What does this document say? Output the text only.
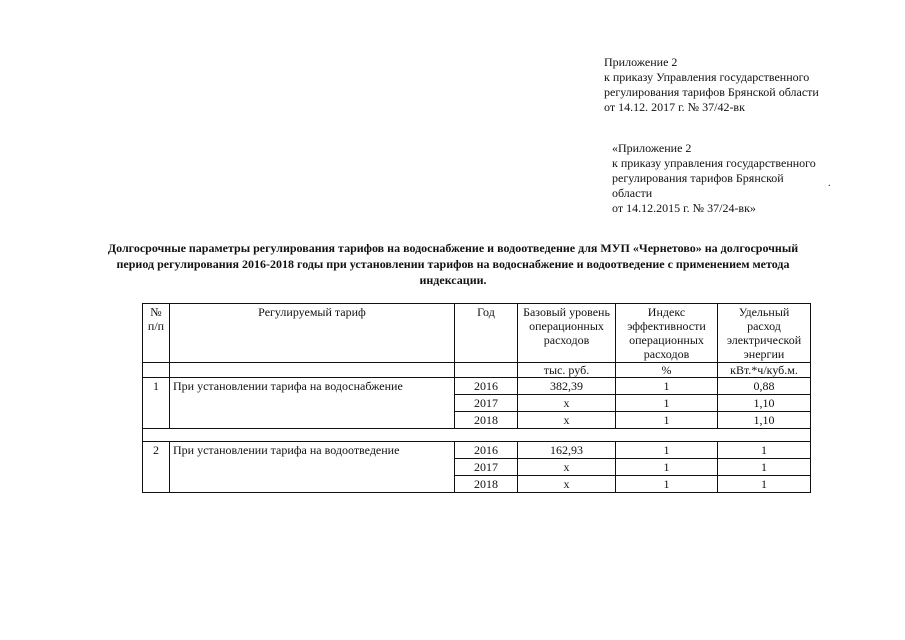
Приложение 2
к приказу Управления государственного
регулирования тарифов Брянской области
от 14.12. 2017 г. № 37/42-вк
«Приложение 2
к приказу управления государственного
регулирования тарифов Брянской
области
от 14.12.2015 г. № 37/24-вк»
.
Долгосрочные параметры регулирования тарифов на водоснабжение и водоотведение для МУП «Чернетово» на долгосрочный
период регулирования 2016-2018 годы при установлении тарифов на водоснабжение и водоотведение с применением метода
индексации.
№ п/п	Регулируемый тариф	Год	Базовый уровень операционных расходов	Индекс эффективности операционных расходов	Удельный расход электрической энергии
			тыс. руб.	%	кВт.*ч/куб.м.
1	При установлении тарифа на водоснабжение	2016	382,39	1	0,88
		2017	х	1	1,10
		2018	х	1	1,10

2	При установлении тарифа на водоотведение	2016	162,93	1	1
		2017	х	1	1
		2018	х	1	1
